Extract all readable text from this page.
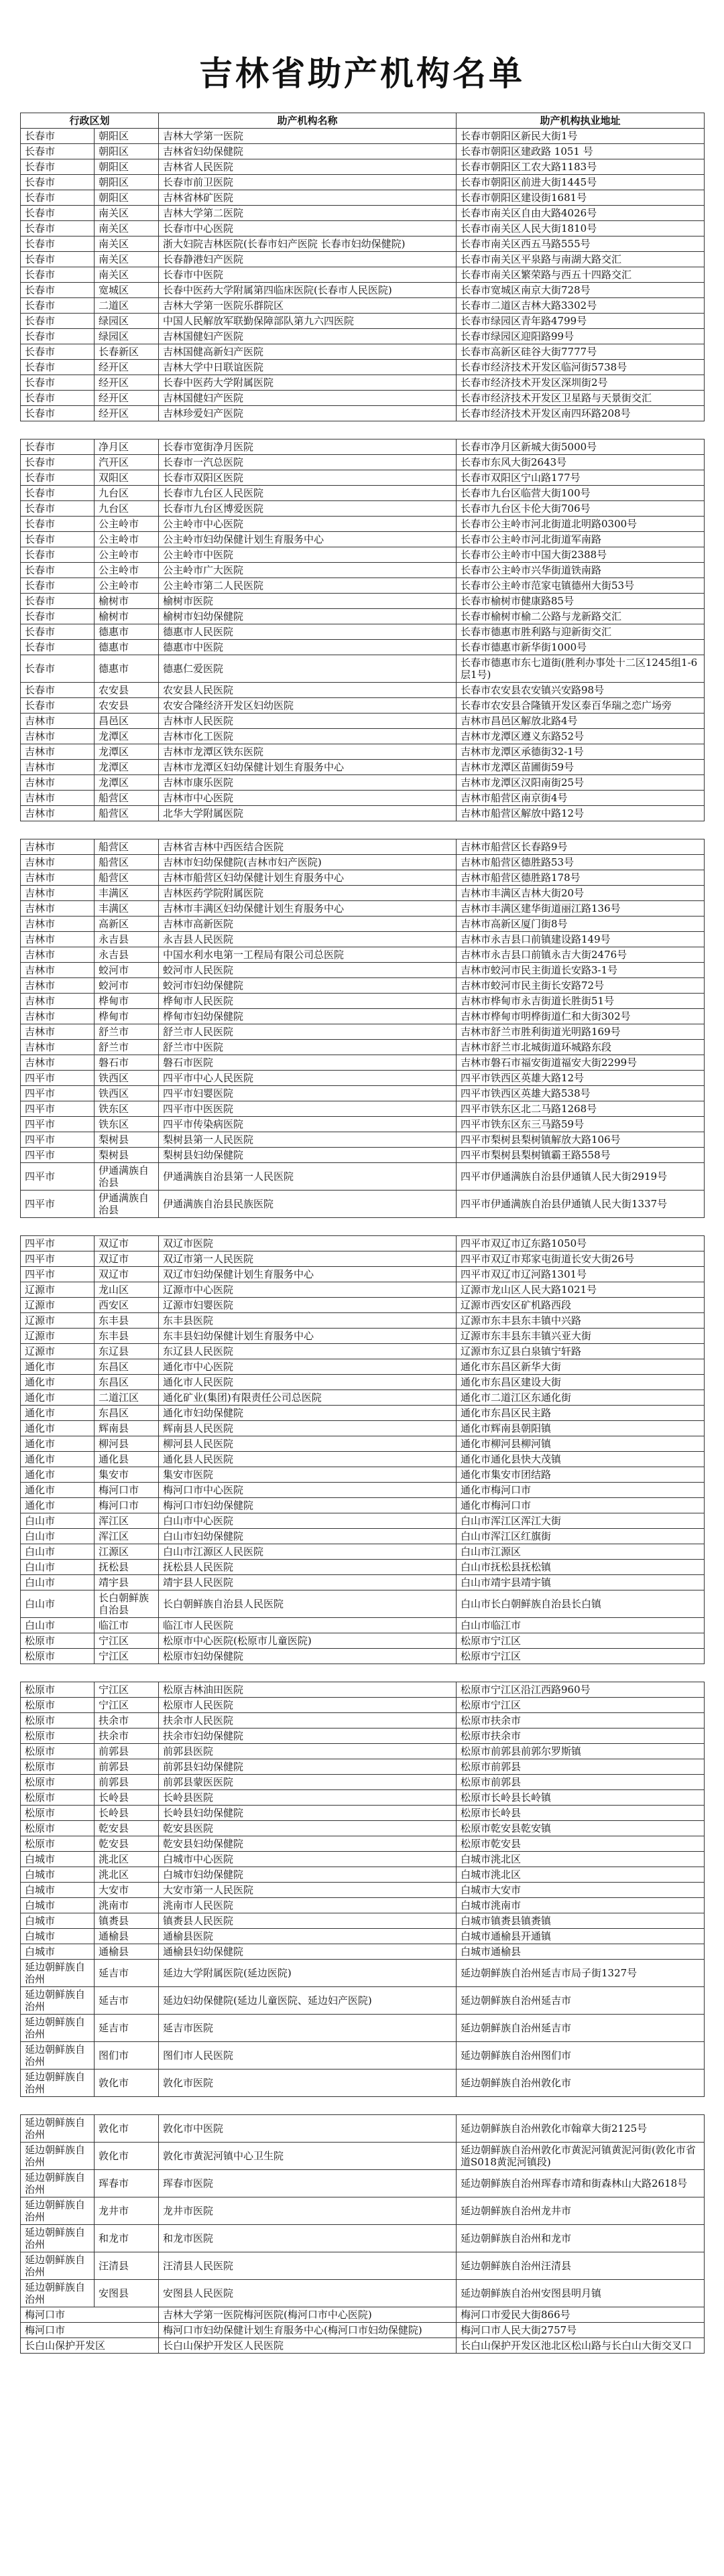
吉林省助产机构名单
行政区划		助产机构名称	助产机构执业地址
长春市	朝阳区	吉林大学第一医院	长春市朝阳区新民大街1号
长春市	朝阳区	吉林省妇幼保健院	长春市朝阳区建政路 1051 号
长春市	朝阳区	吉林省人民医院	长春市朝阳区工农大路1183号
长春市	朝阳区	长春市前卫医院	长春市朝阳区前进大街1445号
长春市	朝阳区	吉林省林矿医院	长春市朝阳区建设街1681号
长春市	南关区	吉林大学第二医院	长春市南关区自由大路4026号
长春市	南关区	长春市中心医院	长春市南关区人民大街1810号
长春市	南关区	浙大妇院吉林医院(长春市妇产医院 长春市妇幼保健院)	长春市南关区西五马路555号
长春市	南关区	长春静港妇产医院	长春市南关区平泉路与南湖大路交汇
长春市	南关区	长春市中医院	长春市南关区繁荣路与西五十四路交汇
长春市	宽城区	长春中医药大学附属第四临床医院(长春市人民医院)	长春市宽城区南京大街728号
长春市	二道区	吉林大学第一医院乐群院区	长春市二道区吉林大路3302号
长春市	绿园区	中国人民解放军联勤保障部队第九六四医院	长春市绿园区青年路4799号
长春市	绿园区	吉林国健妇产医院	长春市绿园区迎阳路99号
长春市	长春新区	吉林国健高新妇产医院	长春市高新区硅谷大街7777号
长春市	经开区	吉林大学中日联谊医院	长春市经济技术开发区临河街5738号
长春市	经开区	长春中医药大学附属医院	长春市经济技术开发区深圳街2号
长春市	经开区	吉林国健妇产医院	长春市经济技术开发区卫星路与天景街交汇
长春市	经开区	吉林珍爱妇产医院	长春市经济技术开发区南四环路208号
长春市	净月区	长春市宽街净月医院	长春市净月区新城大街5000号
长春市	汽开区	长春市一汽总医院	长春市东风大街2643号
长春市	双阳区	长春市双阳区医院	长春市双阳区宁山路177号
长春市	九台区	长春市九台区人民医院	长春市九台区临营大街100号
长春市	九台区	长春市九台区博爱医院	长春市九台区卡伦大街706号
长春市	公主岭市	公主岭市中心医院	长春市公主岭市河北街道北明路0300号
长春市	公主岭市	公主岭市妇幼保健计划生育服务中心	长春市公主岭市河北街道军南路
长春市	公主岭市	公主岭市中医院	长春市公主岭市中国大街2388号
长春市	公主岭市	公主岭市广大医院	长春市公主岭市兴华街道铁南路
长春市	公主岭市	公主岭市第二人民医院	长春市公主岭市范家屯镇德州大街53号
长春市	榆树市	榆树市医院	长春市榆树市健康路85号
长春市	榆树市	榆树市妇幼保健院	长春市榆树市榆二公路与龙新路交汇
长春市	德惠市	德惠市人民医院	长春市德惠市胜利路与迎新街交汇
长春市	德惠市	德惠市中医院	长春市德惠市新华街1000号
长春市	德惠市	德惠仁爱医院	长春市德惠市东七道街(胜利办事处十二区1245组1-6层1号)
长春市	农安县	农安县人民医院	长春市农安县农安镇兴安路98号
长春市	农安县	农安合隆经济开发区妇幼医院	长春市农安县合隆镇开发区泰百华瑞之恋广场旁
吉林市	昌邑区	吉林市人民医院	吉林市昌邑区解放北路4号
吉林市	龙潭区	吉林市化工医院	吉林市龙潭区遵义东路52号
吉林市	龙潭区	吉林市龙潭区铁东医院	吉林市龙潭区承德街32-1号
吉林市	龙潭区	吉林市龙潭区妇幼保健计划生育服务中心	吉林市龙潭区苗圃街59号
吉林市	龙潭区	吉林市康乐医院	吉林市龙潭区汉阳南街25号
吉林市	船营区	吉林市中心医院	吉林市船营区南京街4号
吉林市	船营区	北华大学附属医院	吉林市船营区解放中路12号
吉林市	船营区	吉林省吉林中西医结合医院	吉林市船营区长春路9号
吉林市	船营区	吉林市妇幼保健院(吉林市妇产医院)	吉林市船营区德胜路53号
吉林市	船营区	吉林市船营区妇幼保健计划生育服务中心	吉林市船营区德胜路178号
吉林市	丰满区	吉林医药学院附属医院	吉林市丰满区吉林大街20号
吉林市	丰满区	吉林市丰满区妇幼保健计划生育服务中心	吉林市丰满区建华街道丽江路136号
吉林市	高新区	吉林市高新医院	吉林市高新区厦门街8号
吉林市	永吉县	永吉县人民医院	吉林市永吉县口前镇建设路149号
吉林市	永吉县	中国水利水电第一工程局有限公司总医院	吉林市永吉县口前镇永吉大街2476号
吉林市	蛟河市	蛟河市人民医院	吉林市蛟河市民主街道长安路3-1号
吉林市	蛟河市	蛟河市妇幼保健院	吉林市蛟河市民主街长安路72号
吉林市	桦甸市	桦甸市人民医院	吉林市桦甸市永吉街道长胜街51号
吉林市	桦甸市	桦甸市妇幼保健院	吉林市桦甸市明桦街道仁和大街302号
吉林市	舒兰市	舒兰市人民医院	吉林市舒兰市胜利街道光明路169号
吉林市	舒兰市	舒兰市中医院	吉林市舒兰市北城街道环城路东段
吉林市	磐石市	磐石市医院	吉林市磐石市福安街道福安大街2299号
四平市	铁西区	四平市中心人民医院	四平市铁西区英雄大路12号
四平市	铁西区	四平市妇婴医院	四平市铁西区英雄大路538号
四平市	铁东区	四平市中医医院	四平市铁东区北二马路1268号
四平市	铁东区	四平市传染病医院	四平市铁东区东三马路59号
四平市	梨树县	梨树县第一人民医院	四平市梨树县梨树镇解放大路106号
四平市	梨树县	梨树县妇幼保健院	四平市梨树县梨树镇霸王路558号
四平市	伊通满族自治县	伊通满族自治县第一人民医院	四平市伊通满族自治县伊通镇人民大街2919号
四平市	伊通满族自治县	伊通满族自治县民族医院	四平市伊通满族自治县伊通镇人民大街1337号
四平市	双辽市	双辽市医院	四平市双辽市辽东路1050号
四平市	双辽市	双辽市第一人民医院	四平市双辽市郑家屯街道长安大街26号
四平市	双辽市	双辽市妇幼保健计划生育服务中心	四平市双辽市辽河路1301号
辽源市	龙山区	辽源市中心医院	辽源市龙山区人民大路1021号
辽源市	西安区	辽源市妇婴医院	辽源市西安区矿机路西段
辽源市	东丰县	东丰县医院	辽源市东丰县东丰镇中兴路
辽源市	东丰县	东丰县妇幼保健计划生育服务中心	辽源市东丰县东丰镇兴亚大街
辽源市	东辽县	东辽县人民医院	辽源市东辽县白泉镇宁轩路
通化市	东昌区	通化市中心医院	通化市东昌区新华大街
通化市	东昌区	通化市人民医院	通化市东昌区建设大街
通化市	二道江区	通化矿业(集团)有限责任公司总医院	通化市二道江区东通化街
通化市	东昌区	通化市妇幼保健院	通化市东昌区民主路
通化市	辉南县	辉南县人民医院	通化市辉南县朝阳镇
通化市	柳河县	柳河县人民医院	通化市柳河县柳河镇
通化市	通化县	通化县人民医院	通化市通化县快大茂镇
通化市	集安市	集安市医院	通化市集安市团结路
通化市	梅河口市	梅河口市中心医院	通化市梅河口市
通化市	梅河口市	梅河口市妇幼保健院	通化市梅河口市
白山市	浑江区	白山市中心医院	白山市浑江区浑江大街
白山市	浑江区	白山市妇幼保健院	白山市浑江区红旗街
白山市	江源区	白山市江源区人民医院	白山市江源区
白山市	抚松县	抚松县人民医院	白山市抚松县抚松镇
白山市	靖宇县	靖宇县人民医院	白山市靖宇县靖宇镇
白山市	长白朝鲜族自治县	长白朝鲜族自治县人民医院	白山市长白朝鲜族自治县长白镇
白山市	临江市	临江市人民医院	白山市临江市
松原市	宁江区	松原市中心医院(松原市儿童医院)	松原市宁江区
松原市	宁江区	松原市妇幼保健院	松原市宁江区
松原市	宁江区	松原吉林油田医院	松原市宁江区沿江西路960号
松原市	宁江区	松原市人民医院	松原市宁江区
松原市	扶余市	扶余市人民医院	松原市扶余市
松原市	扶余市	扶余市妇幼保健院	松原市扶余市
松原市	前郭县	前郭县医院	松原市前郭县前郭尔罗斯镇
松原市	前郭县	前郭县妇幼保健院	松原市前郭县
松原市	前郭县	前郭县蒙医医院	松原市前郭县
松原市	长岭县	长岭县医院	松原市长岭县长岭镇
松原市	长岭县	长岭县妇幼保健院	松原市长岭县
松原市	乾安县	乾安县医院	松原市乾安县乾安镇
松原市	乾安县	乾安县妇幼保健院	松原市乾安县
白城市	洮北区	白城市中心医院	白城市洮北区
白城市	洮北区	白城市妇幼保健院	白城市洮北区
白城市	大安市	大安市第一人民医院	白城市大安市
白城市	洮南市	洮南市人民医院	白城市洮南市
白城市	镇赉县	镇赉县人民医院	白城市镇赉县镇赉镇
白城市	通榆县	通榆县医院	白城市通榆县开通镇
白城市	通榆县	通榆县妇幼保健院	白城市通榆县
延边朝鲜族自治州	延吉市	延边大学附属医院(延边医院)	延边朝鲜族自治州延吉市局子街1327号
延边朝鲜族自治州	延吉市	延边妇幼保健院(延边儿童医院、延边妇产医院)	延边朝鲜族自治州延吉市
延边朝鲜族自治州	延吉市	延吉市医院	延边朝鲜族自治州延吉市
延边朝鲜族自治州	图们市	图们市人民医院	延边朝鲜族自治州图们市
延边朝鲜族自治州	敦化市	敦化市医院	延边朝鲜族自治州敦化市
延边朝鲜族自治州	敦化市	敦化市中医院	延边朝鲜族自治州敦化市翰章大街2125号
延边朝鲜族自治州	敦化市	敦化市黄泥河镇中心卫生院	延边朝鲜族自治州敦化市黄泥河镇黄泥河街(敦化市省道S018黄泥河镇段)
延边朝鲜族自治州	珲春市	珲春市医院	延边朝鲜族自治州珲春市靖和街森林山大路2618号
延边朝鲜族自治州	龙井市	龙井市医院	延边朝鲜族自治州龙井市
延边朝鲜族自治州	和龙市	和龙市医院	延边朝鲜族自治州和龙市
延边朝鲜族自治州	汪清县	汪清县人民医院	延边朝鲜族自治州汪清县
延边朝鲜族自治州	安图县	安图县人民医院	延边朝鲜族自治州安图县明月镇
梅河口市		吉林大学第一医院梅河医院(梅河口市中心医院)	梅河口市爱民大街866号
梅河口市		梅河口市妇幼保健计划生育服务中心(梅河口市妇幼保健院)	梅河口市人民大街2757号
长白山保护开发区		长白山保护开发区人民医院	长白山保护开发区池北区松山路与长白山大街交叉口
